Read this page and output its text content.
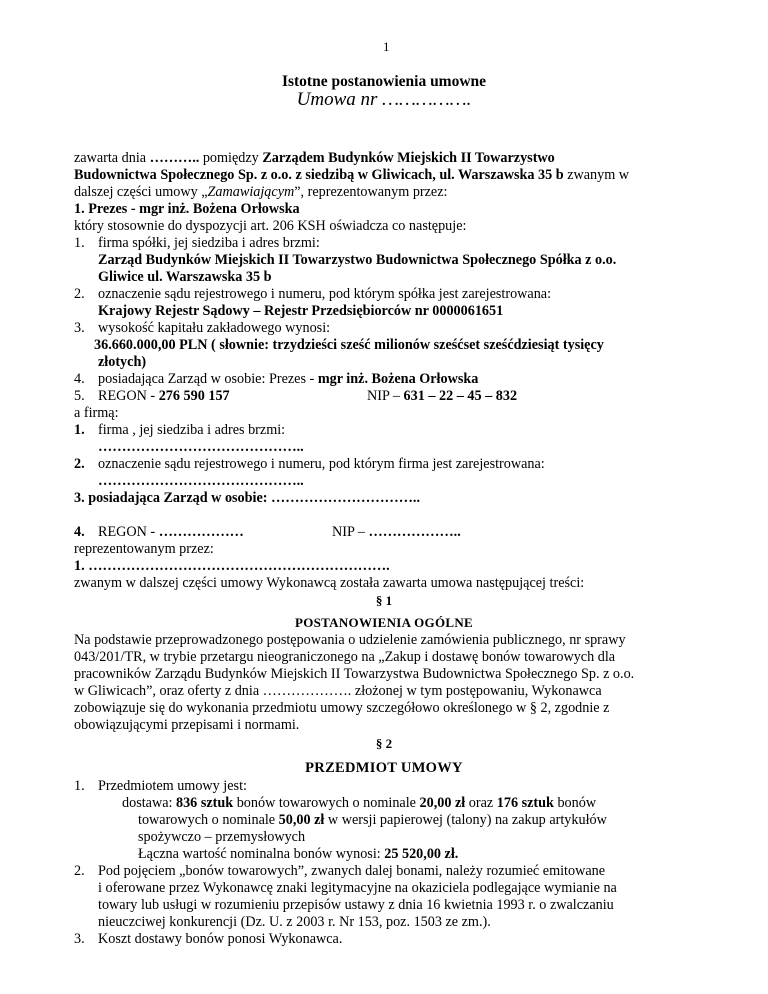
1
Istotne postanowienia umowne
Umowa nr …………….
zawarta dnia ……….. pomiędzy Zarządem Budynków Miejskich II Towarzystwo
Budownictwa Społecznego Sp. z o.o. z siedzibą w Gliwicach, ul. Warszawska 35 b zwanym w
dalszej części umowy „Zamawiającym”, reprezentowanym przez:
1. Prezes - mgr inż. Bożena Orłowska
który stosownie do dyspozycji art. 206 KSH oświadcza co następuje:
1. firma spółki, jej siedziba i adres brzmi:
Zarząd Budynków Miejskich II Towarzystwo Budownictwa Społecznego Spółka z o.o.
Gliwice ul. Warszawska 35 b
2. oznaczenie sądu rejestrowego i numeru, pod którym spółka jest zarejestrowana:
Krajowy Rejestr Sądowy – Rejestr Przedsiębiorców nr 0000061651
3. wysokość kapitału zakładowego wynosi:
36.660.000,00 PLN ( słownie: trzydzieści sześć milionów sześćset sześćdziesiąt tysięcy
złotych)
4. posiadająca Zarząd w osobie: Prezes - mgr inż. Bożena Orłowska
5. REGON - 276 590 157	NIP – 631 – 22 – 45 – 832
a firmą:
1. firma , jej siedziba i adres brzmi:
……………………………………..
2. oznaczenie sądu rejestrowego i numeru, pod którym firma jest zarejestrowana:
……………………………………..
3. posiadająca Zarząd w osobie: …………………………..
4. REGON - ………………	NIP – ………………..
reprezentowanym przez:
1. ……………………………………………………….
zwanym w dalszej części umowy Wykonawcą została zawarta umowa następującej treści:
§ 1
POSTANOWIENIA OGÓLNE
Na podstawie przeprowadzonego postępowania o udzielenie zamówienia publicznego, nr sprawy
043/201/TR, w trybie przetargu nieograniczonego na „Zakup i dostawę bonów towarowych dla
pracowników Zarządu Budynków Miejskich II Towarzystwa Budownictwa Społecznego Sp. z o.o.
w Gliwicach”, oraz oferty z dnia ………………. złożonej w tym postępowaniu, Wykonawca
zobowiązuje się do wykonania przedmiotu umowy szczegółowo określonego w § 2, zgodnie z
obowiązującymi przepisami i normami.
§ 2
PRZEDMIOT UMOWY
1. Przedmiotem umowy jest:
dostawa: 836 sztuk bonów towarowych o nominale 20,00 zł oraz 176 sztuk bonów
towarowych o nominale 50,00 zł w wersji papierowej (talony) na zakup artykułów
spożywczo – przemysłowych
Łączna wartość nominalna bonów wynosi: 25 520,00 zł.
2. Pod pojęciem „bonów towarowych”, zwanych dalej bonami, należy rozumieć emitowane
i oferowane przez Wykonawcę znaki legitymacyjne na okaziciela podlegające wymianie na
towary lub usługi w rozumieniu przepisów ustawy z dnia 16 kwietnia 1993 r. o zwalczaniu
nieuczciwej konkurencji (Dz. U. z 2003 r. Nr 153, poz. 1503 ze zm.).
3. Koszt dostawy bonów ponosi Wykonawca.
